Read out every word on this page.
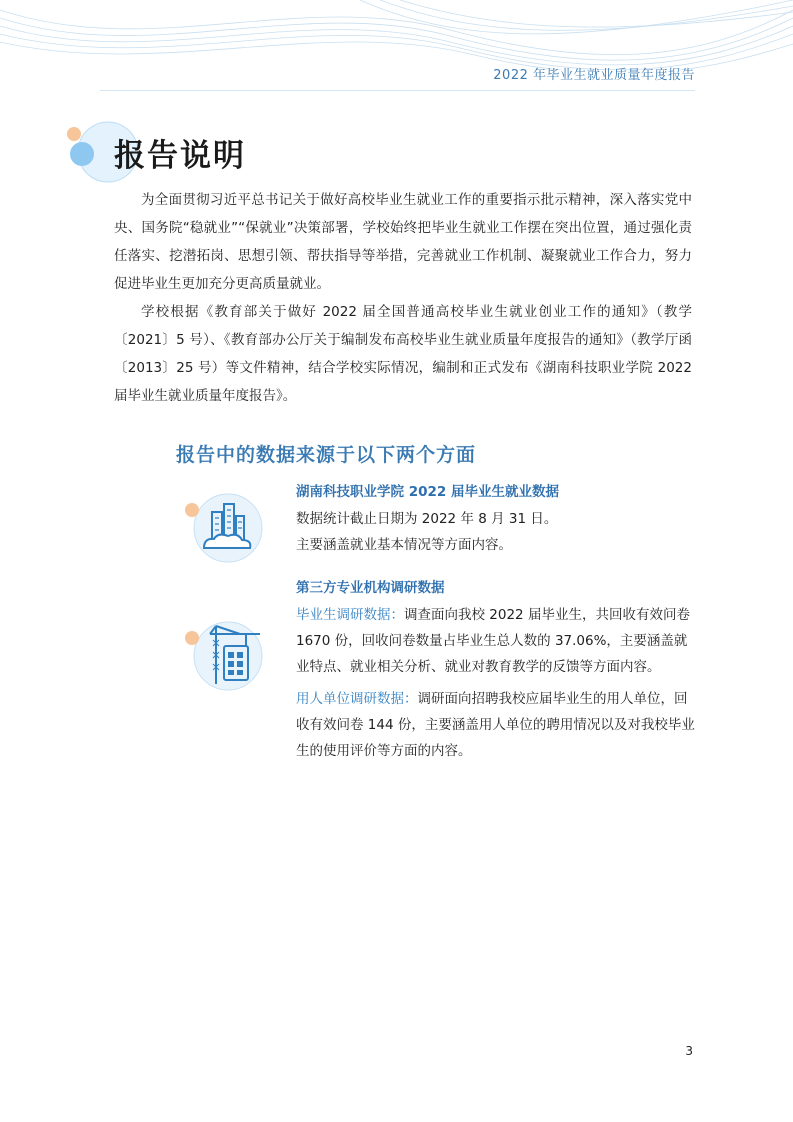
2022 年毕业生就业质量年度报告
报告说明

为全面贯彻习近平总书记关于做好高校毕业生就业工作的重要指示批示精神，深入落实党中央、国务院“稳就业”“保就业”决策部署，学校始终把毕业生就业工作摆在突出位置，通过强化责任落实、挖潜拓岗、思想引领、帮扶指导等举措，完善就业工作机制、凝聚就业工作合力，努力促进毕业生更加充分更高质量就业。

学校根据《教育部关于做好 2022 届全国普通高校毕业生就业创业工作的通知》（教学〔2021〕5 号）、《教育部办公厅关于编制发布高校毕业生就业质量年度报告的通知》（教学厅函〔2013〕25 号）等文件精神，结合学校实际情况，编制和正式发布《湖南科技职业学院 2022 届毕业生就业质量年度报告》。

报告中的数据来源于以下两个方面
湖南科技职业学院 2022 届毕业生就业数据

数据统计截止日期为 2022 年 8 月 31 日。

主要涵盖就业基本情况等方面内容。

第三方专业机构调研数据

毕业生调研数据：调查面向我校 2022 届毕业生，共回收有效问卷 1670 份，回收问卷数量占毕业生总人数的 37.06%，主要涵盖就业特点、就业相关分析、就业对教育教学的反馈等方面内容。

用人单位调研数据：调研面向招聘我校应届毕业生的用人单位，回收有效问卷 144 份，主要涵盖用人单位的聘用情况以及对我校毕业生的使用评价等方面的内容。

3
